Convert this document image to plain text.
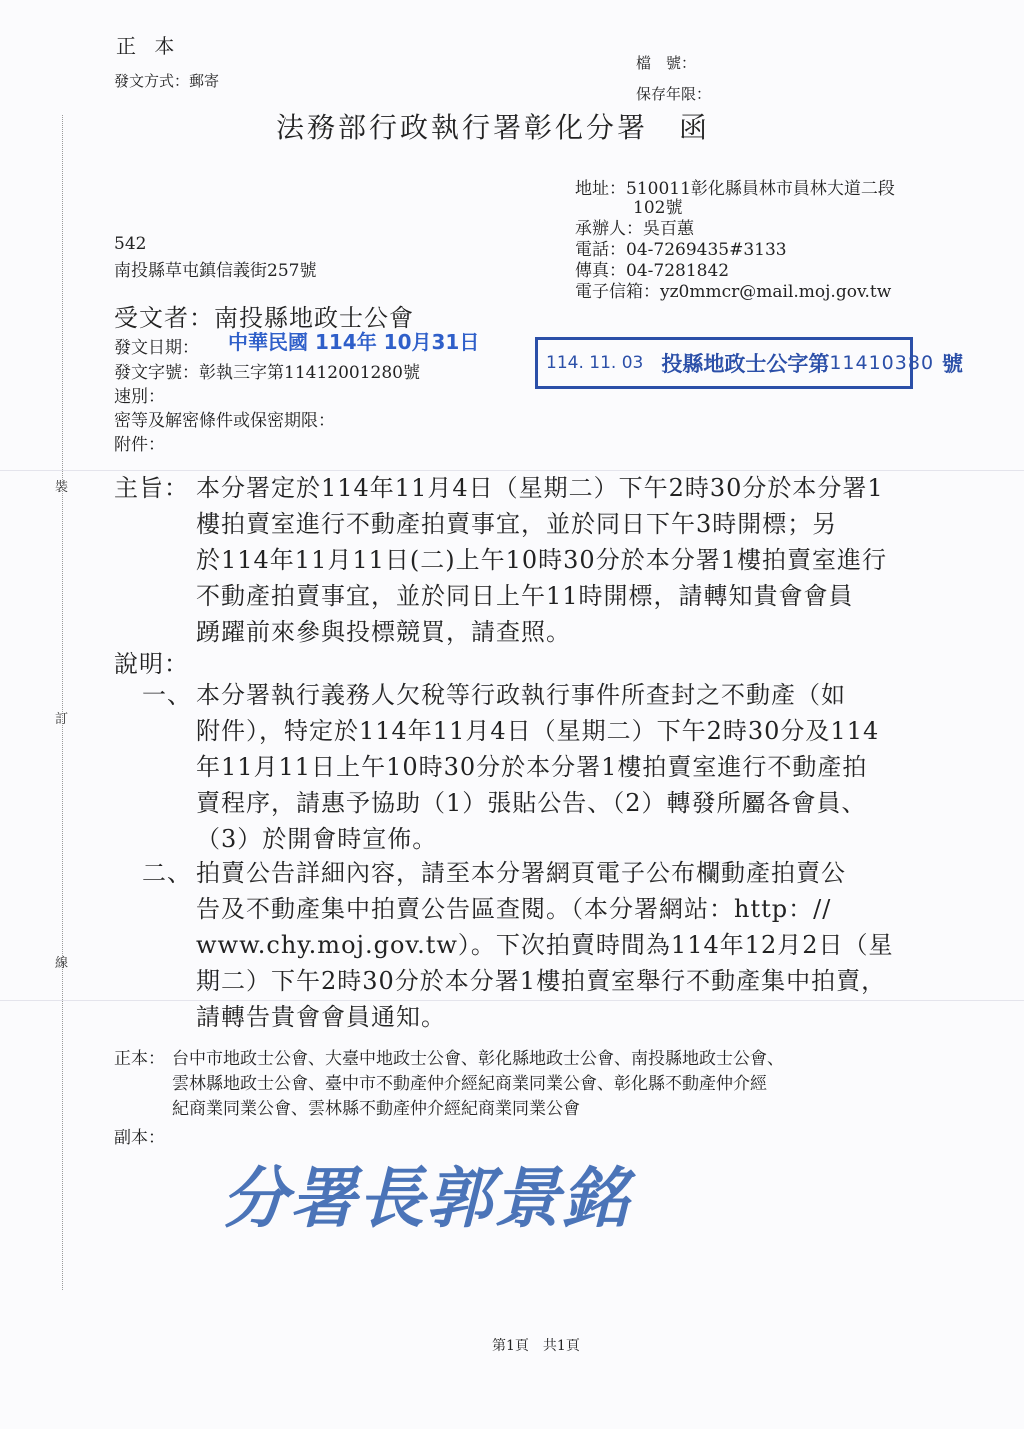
裝
訂
線
正 本
發文方式：郵寄
檔　號：
保存年限：
法務部行政執行署彰化分署　函
地址：510011彰化縣員林市員林大道二段
102號
承辦人：吳百蕙
電話：04-7269435#3133
傳真：04-7281842
電子信箱：yz0mmcr@mail.moj.gov.tw
542
南投縣草屯鎮信義街257號
受文者：南投縣地政士公會
發文日期： 中華民國 114年 10月31日
發文字號：彰執三字第11412001280號
速別：
密等及解密條件或保密期限：
附件：
114. 11. 03 投縣地政士公字第 11410380 號
主旨： 本分署定於114年11月4日（星期二）下午2時30分於本分署1
樓拍賣室進行不動產拍賣事宜，並於同日下午3時開標；另
於114年11月11日(二)上午10時30分於本分署1樓拍賣室進行
不動產拍賣事宜，並於同日上午11時開標，請轉知貴會會員
踴躍前來參與投標競買，請查照。
說明：
一、 本分署執行義務人欠稅等行政執行事件所查封之不動產（如
附件），特定於114年11月4日（星期二）下午2時30分及114
年11月11日上午10時30分於本分署1樓拍賣室進行不動產拍
賣程序，請惠予協助（1）張貼公告、（2）轉發所屬各會員、
（3）於開會時宣佈。
二、 拍賣公告詳細內容，請至本分署網頁電子公布欄動產拍賣公
告及不動產集中拍賣公告區查閱。（本分署網站：http：//
www.chy.moj.gov.tw）。下次拍賣時間為114年12月2日（星
期二）下午2時30分於本分署1樓拍賣室舉行不動產集中拍賣，
請轉告貴會會員通知。
正本： 台中市地政士公會、大臺中地政士公會、彰化縣地政士公會、南投縣地政士公會、
雲林縣地政士公會、臺中市不動產仲介經紀商業同業公會、彰化縣不動產仲介經
紀商業同業公會、雲林縣不動產仲介經紀商業同業公會
副本：
分署長郭景銘
第1頁　共1頁
